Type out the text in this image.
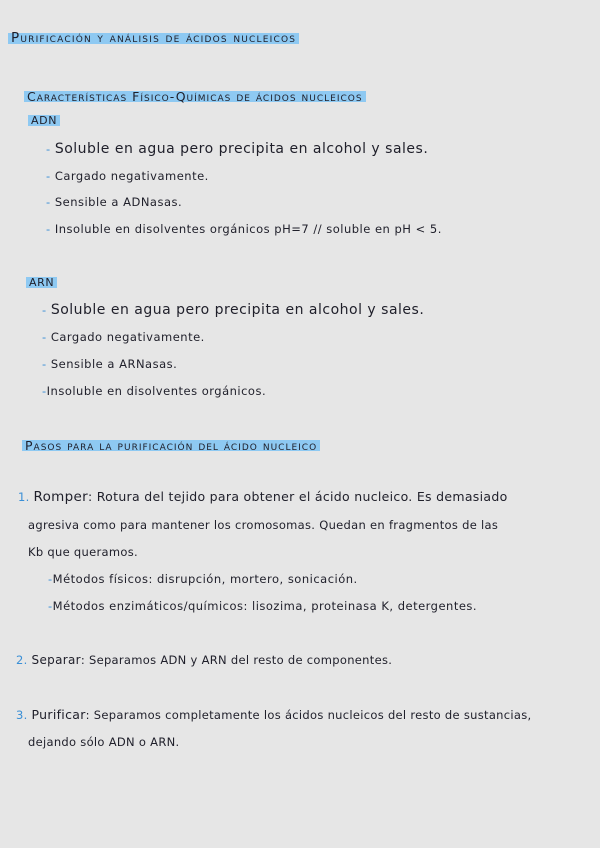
Purificación y análisis de ácidos nucleicos
Características Físico-Químicas de ácidos nucleicos
ADN
- Soluble en agua pero precipita en alcohol y sales.
- Cargado negativamente.
- Sensible a ADNasas.
- Insoluble en disolventes orgánicos pH=7 // soluble en pH < 5.
ARN
- Soluble en agua pero precipita en alcohol y sales.
- Cargado negativamente.
- Sensible a ARNasas.
-Insoluble en disolventes orgánicos.
Pasos para la purificación del ácido nucleico
1. Romper: Rotura del tejido para obtener el ácido nucleico. Es demasiado
agresiva como para mantener los cromosomas. Quedan en fragmentos de las
Kb que queramos.
-Métodos físicos: disrupción, mortero, sonicación.
-Métodos enzimáticos/químicos: lisozima, proteinasa K, detergentes.
2. Separar: Separamos ADN y ARN del resto de componentes.
3. Purificar: Separamos completamente los ácidos nucleicos del resto de sustancias,
dejando sólo ADN o ARN.
